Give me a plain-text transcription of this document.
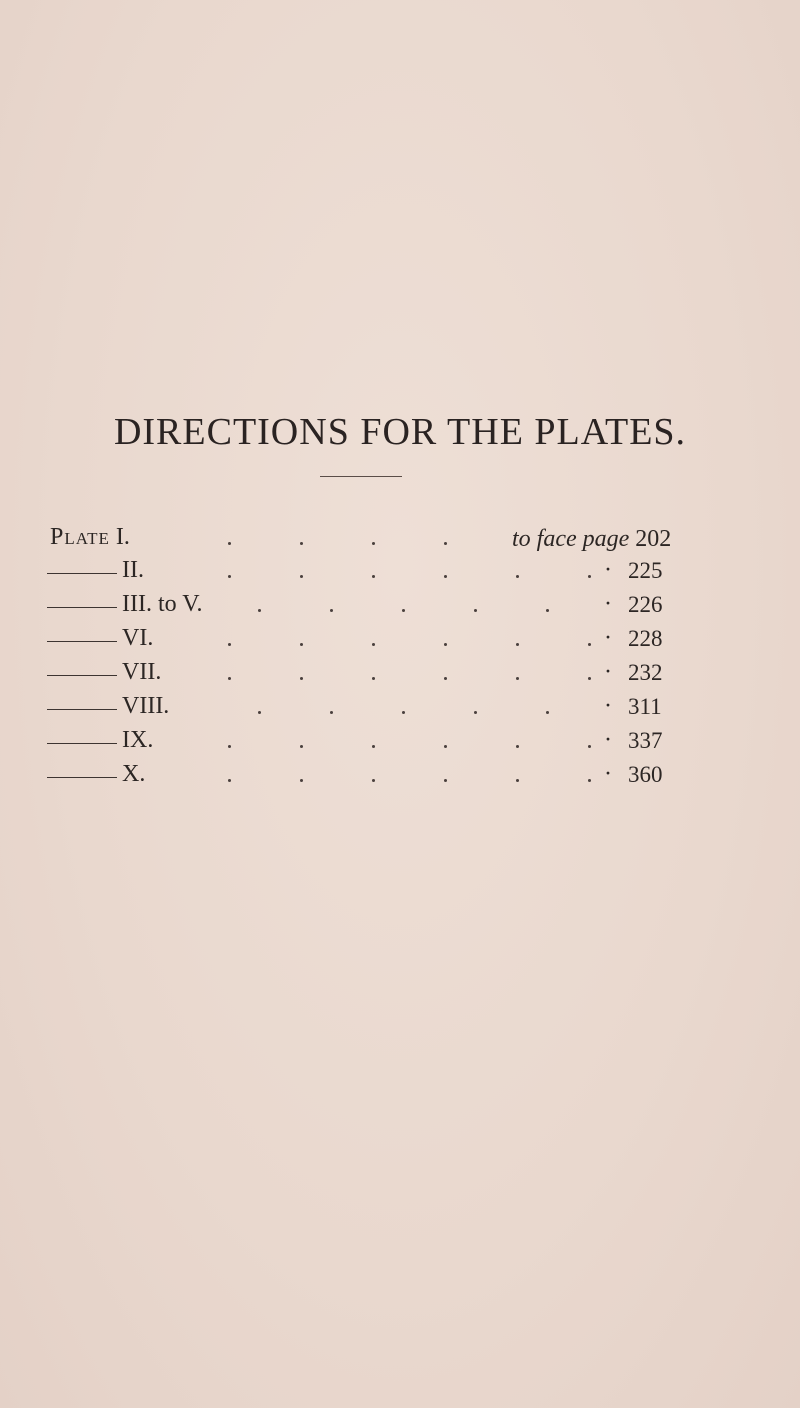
DIRECTIONS FOR THE PLATES.
Plate I.	to face page 202
II.	· 225
III. to V.	· 226
VI.	· 228
VII.	· 232
VIII.	· 311
IX.	· 337
X.	· 360
